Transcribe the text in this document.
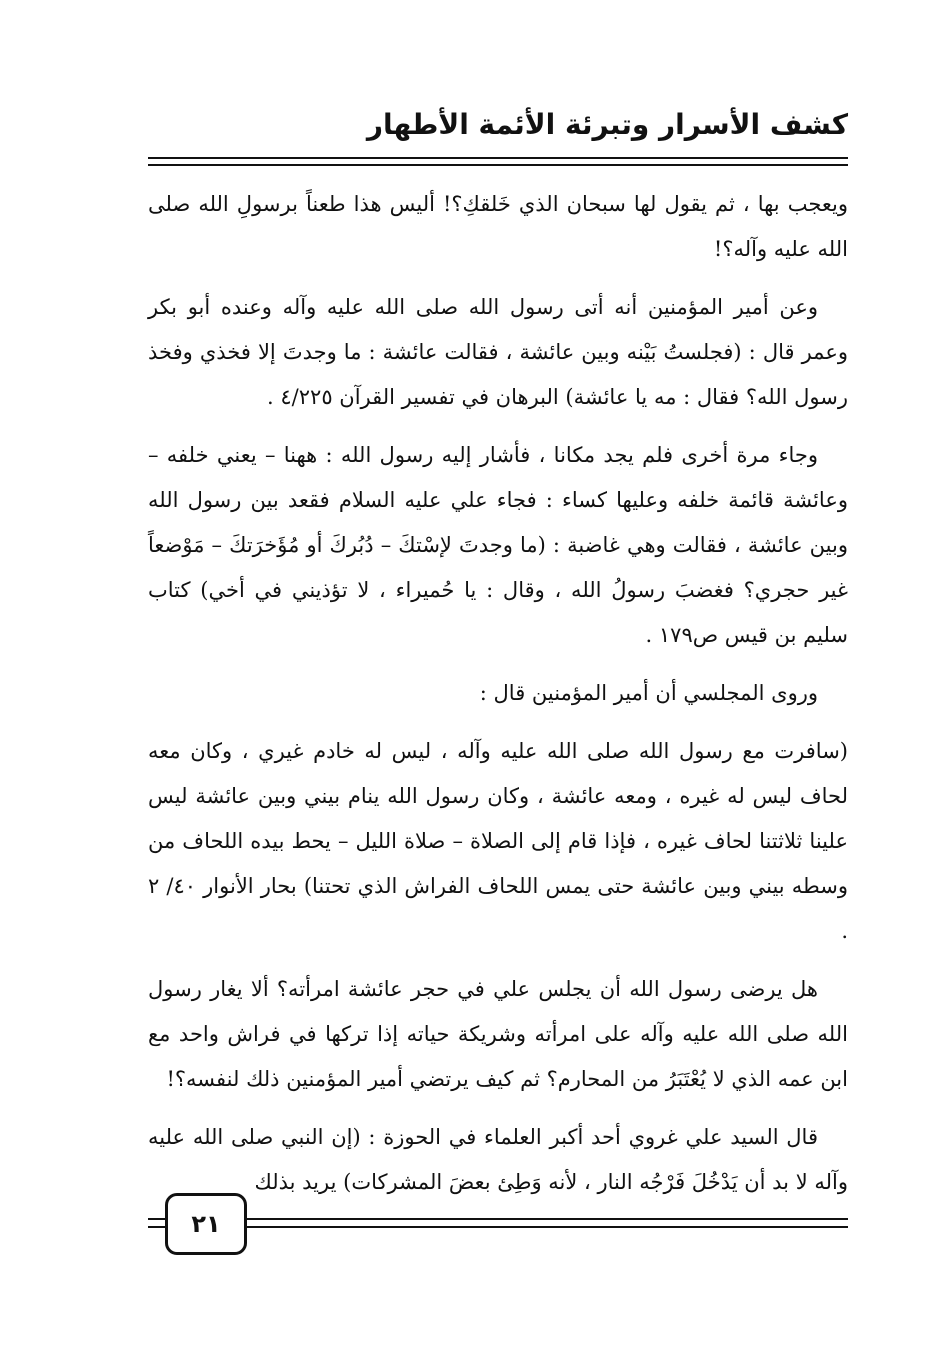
كشف الأسرار وتبرئة الأئمة الأطهار

ويعجب بها ، ثم يقول لها سبحان الذي خَلقكِ؟! أليس هذا طعناً برسولِ الله صلى الله عليه وآله؟!

وعن أمير المؤمنين أنه أتى رسول الله صلى الله عليه وآله وعنده أبو بكر وعمر قال : (فجلستُ بَيْنه وبين عائشة ، فقالت عائشة : ما وجدتَ إلا فخذي وفخذ رسول الله؟ فقال : مه يا عائشة) البرهان في تفسير القرآن ٤/٢٢٥ .

وجاء مرة أخرى فلم يجد مكانا ، فأشار إليه رسول الله : ههنا – يعني خلفه – وعائشة قائمة خلفه وعليها كساء : فجاء علي عليه السلام فقعد بين رسول الله وبين عائشة ، فقالت وهي غاضبة : (ما وجدتَ لإسْتكَ – دُبُركَ أو مُؤَخرَتكَ – مَوْضعاً غير حجري؟ فغضبَ رسولُ الله ، وقال : يا حُميراء ، لا تؤذيني في أخي) كتاب سليم بن قيس ص١٧٩ .

وروى المجلسي أن أمير المؤمنين قال :

(سافرت مع رسول الله صلى الله عليه وآله ، ليس له خادم غيري ، وكان معه لحاف ليس له غيره ، ومعه عائشة ، وكان رسول الله ينام بيني وبين عائشة ليس علينا ثلاثتنا لحاف غيره ، فإذا قام إلى الصلاة – صلاة الليل – يحط بيده اللحاف من وسطه بيني وبين عائشة حتى يمس اللحاف الفراش الذي تحتنا) بحار الأنوار ٤٠/ ٢ .

هل يرضى رسول الله أن يجلس علي في حجر عائشة امرأته؟ ألا يغار رسول الله صلى الله عليه وآله على امرأته وشريكة حياته إذا تركها في فراش واحد مع ابن عمه الذي لا يُعْتَبَرُ من المحارم؟ ثم كيف يرتضي أمير المؤمنين ذلك لنفسه؟!

قال السيد علي غروي أحد أكبر العلماء في الحوزة : (إن النبي صلى الله عليه وآله لا بد أن يَدْخُلَ فَرْجُه النار ، لأنه وَطِئ بعضَ المشركات) يريد بذلك

٢١
